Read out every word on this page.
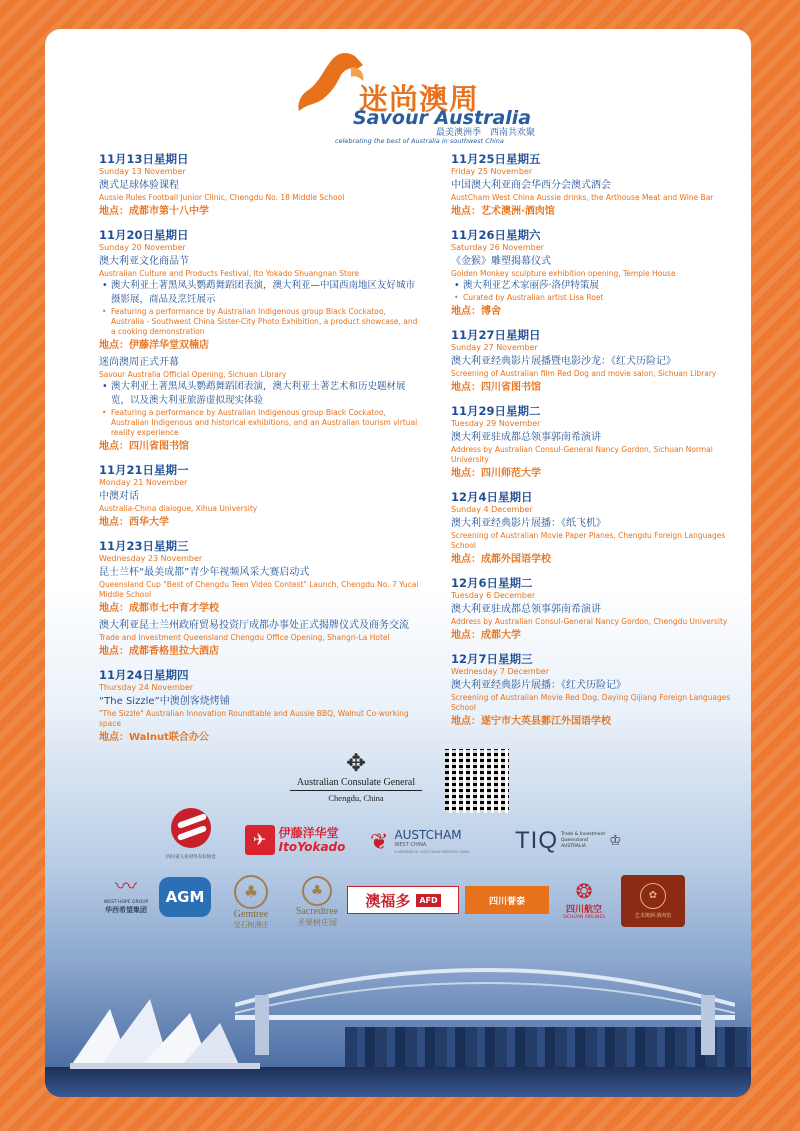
迷尚澳周
Savour Australia
最美澳洲季　西南共欢聚
celebrating the best of Australia in southwest China
11月13日星期日
Sunday 13 November
澳式足球体验课程
Aussie Rules Football Junior Clinic, Chengdu No. 18 Middle School
地点：成都市第十八中学
11月20日星期日
Sunday 20 November
澳大利亚文化商品节
Australian Culture and Products Festival, Ito Yokado Shuangnan Store
• 澳大利亚土著黑凤头鹦鹉舞蹈团表演，澳大利亚—中国西南地区友好城市摄影展，商品及烹饪展示
• Featuring a performance by Australian Indigenous group Black Cockatoo, Australia - Southwest China Sister-City Photo Exhibition, a product showcase, and a cooking demonstration
地点：伊藤洋华堂双楠店
迷尚澳周正式开幕
Savour Australia Official Opening, Sichuan Library
• 澳大利亚土著黑凤头鹦鹉舞蹈团表演，澳大利亚土著艺术和历史题材展览，以及澳大利亚旅游虚拟现实体验
• Featuring a performance by Australian Indigenous group Black Cockatoo, Australian Indigenous and historical exhibitions, and an Australian tourism virtual reality experience
地点：四川省图书馆
11月21日星期一
Monday 21 November
中澳对话
Australia-China dialogue, Xihua University
地点：西华大学
11月23日星期三
Wednesday 23 November
昆士兰杯“最美成都”青少年视频风采大赛启动式
Queensland Cup "Best of Chengdu Teen Video Contest" Launch, Chengdu No. 7 Yucai Middle School
地点：成都市七中育才学校
澳大利亚昆士兰州政府贸易投资厅成都办事处正式揭牌仪式及商务交流
Trade and Investment Queensland Chengdu Office Opening, Shangri-La Hotel
地点：成都香格里拉大酒店
11月24日星期四
Thursday 24 November
“The Sizzle”中澳创客烧烤铺
"The Sizzle" Australian Innovation Roundtable and Aussie BBQ, Walnut Co-working space
地点：Walnut联合办公
11月25日星期五
Friday 25 November
中国澳大利亚商会华西分会澳式酒会
AustCham West China Aussie drinks, the Arthouse Meat and Wine Bar
地点：艺术澳洲·酒肉馆
11月26日星期六
Saturday 26 November
《金猴》雕塑揭幕仪式
Golden Monkey sculpture exhibition opening, Temple House
• 澳大利亚艺术家丽莎·洛伊特策展
• Curated by Australian artist Lisa Roet
地点：博舍
11月27日星期日
Sunday 27 November
澳大利亚经典影片展播暨电影沙龙：《红犬历险记》
Screening of Australian film Red Dog and movie salon, Sichuan Library
地点：四川省图书馆
11月29日星期二
Tuesday 29 November
澳大利亚驻成都总领事郭南希演讲
Address by Australian Consul-General Nancy Gordon, Sichuan Normal University
地点：四川师范大学
12月4日星期日
Sunday 4 December
澳大利亚经典影片展播：《纸飞机》
Screening of Australian Movie Paper Planes, Chengdu Foreign Languages School
地点：成都外国语学校
12月6日星期二
Tuesday 6 December
澳大利亚驻成都总领事郭南希演讲
Address by Australian Consul-General Nancy Gordon, Chengdu University
地点：成都大学
12月7日星期三
Wednesday 7 December
澳大利亚经典影片展播：《红犬历险记》
Screening of Australian Movie Red Dog, Daying Qijiang Foreign Languages School
地点：遂宁市大英县郪江外国语学校
✥
Australian Consulate General
Chengdu, China
四川省人民对外友好协会
✈	伊藤洋华堂
ItoYokado ❦ AUSTCHAM
WEST CHINA
A MEMBER OF AUSTCHAM GREATER CHINA TIQ Trade & Investment Queensland AUSTRALIA	♔
〰
WEST HOPE GROUP
华西希望集团
AGM	♣
Gemtree
宝石树酒庄
♣
Sacredtree
圣果树庄园
澳福多	AFD	四川誉泰	❂
四川航空
SICHUAN AIRLINES
✿
艺术澳洲·酒肉馆
